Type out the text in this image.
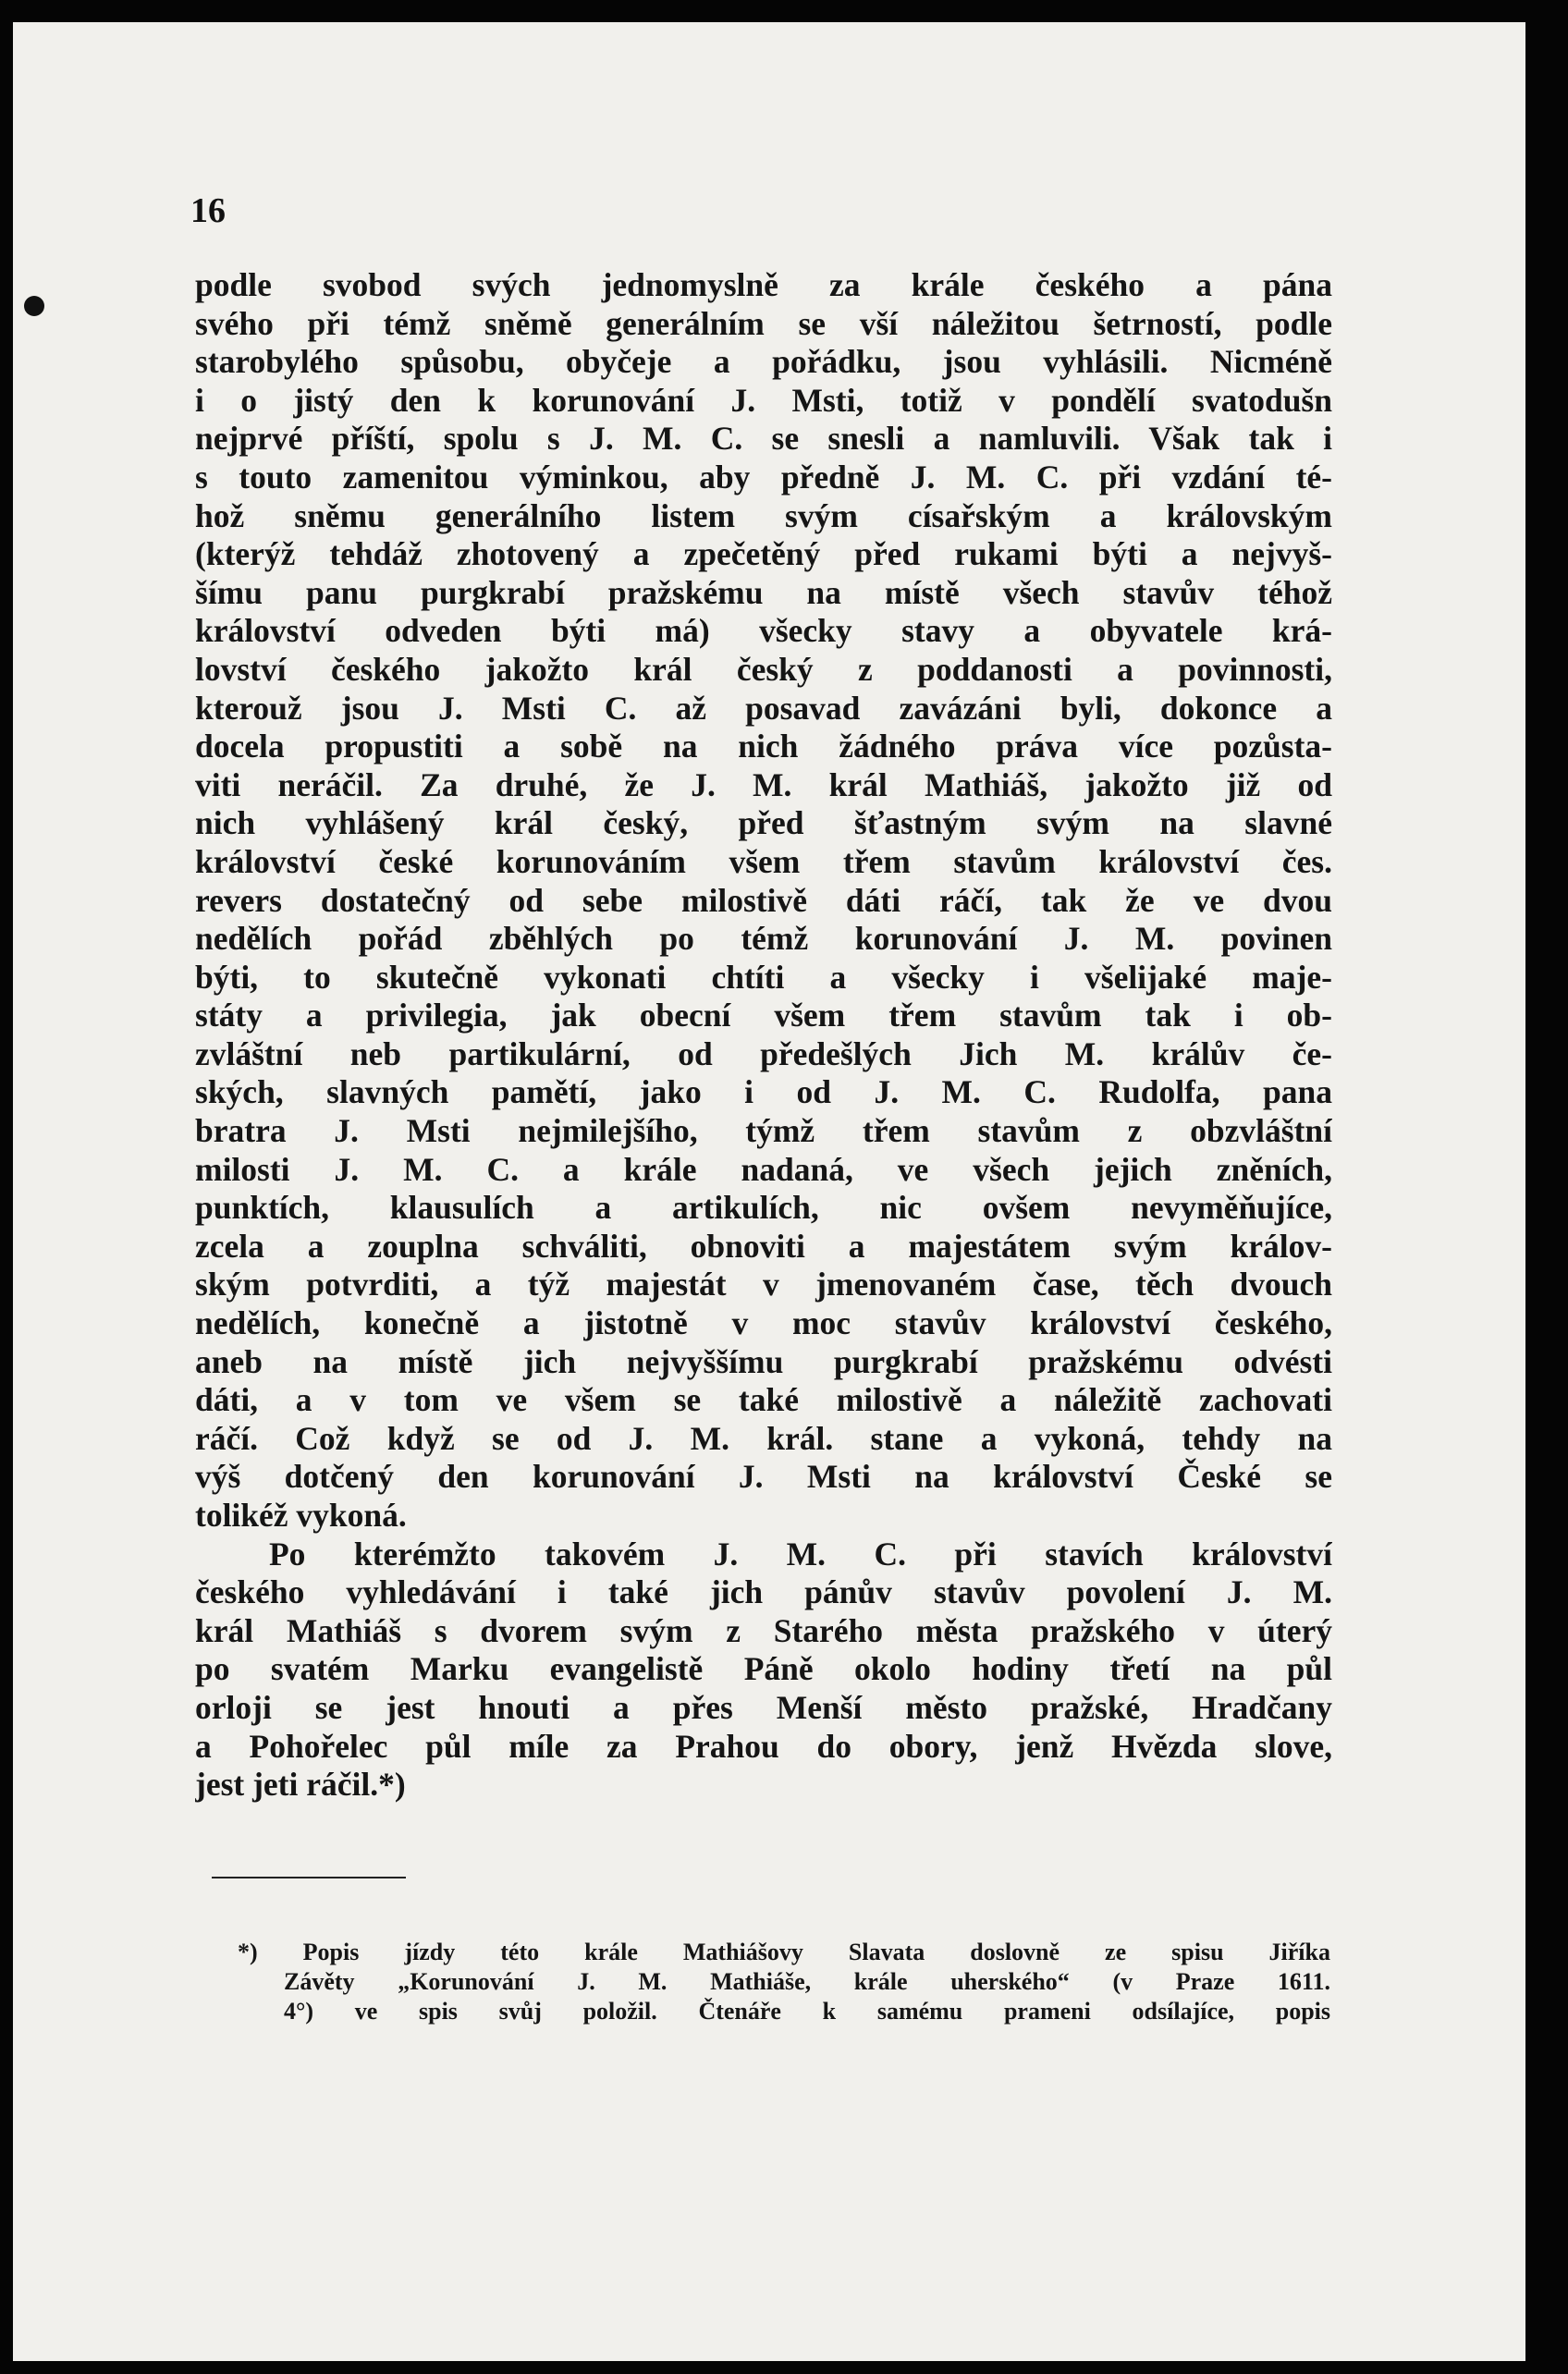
16
podle svobod svých jednomyslně za krále českého a pána
svého při témž sněmě generálním se vší náležitou šetrností, podle
starobylého spůsobu, obyčeje a pořádku, jsou vyhlásili. Nicméně
i o jistý den k korunování J. Msti, totiž v pondělí svatodušn
nejprvé příští, spolu s J. M. C. se snesli a namluvili. Však tak i
s touto zamenitou výminkou, aby předně J. M. C. při vzdání té-
hož sněmu generálního listem svým císařským a královským
(kterýž tehdáž zhotovený a zpečetěný před rukami býti a nejvyš-
šímu panu purgkrabí pražskému na místě všech stavův téhož
království odveden býti má) všecky stavy a obyvatele krá-
lovství českého jakožto král český z poddanosti a povinnosti,
kterouž jsou J. Msti C. až posavad zavázáni byli, dokonce a
docela propustiti a sobě na nich žádného práva více pozůsta-
viti neráčil. Za druhé, že J. M. král Mathiáš, jakožto již od
nich vyhlášený král český, před šťastným svým na slavné
království české korunováním všem třem stavům království čes.
revers dostatečný od sebe milostivě dáti ráčí, tak že ve dvou
nedělích pořád zběhlých po témž korunování J. M. povinen
býti, to skutečně vykonati chtíti a všecky i všelijaké maje-
státy a privilegia, jak obecní všem třem stavům tak i ob-
zvláštní neb partikulární, od předešlých Jich M. králův če-
ských, slavných pamětí, jako i od J. M. C. Rudolfa, pana
bratra J. Msti nejmilejšího, týmž třem stavům z obzvláštní
milosti J. M. C. a krále nadaná, ve všech jejich zněních,
punktích, klausulích a artikulích, nic ovšem nevyměňujíce,
zcela a zouplna schváliti, obnoviti a majestátem svým králov-
ským potvrditi, a týž majestát v jmenovaném čase, těch dvouch
nedělích, konečně a jistotně v moc stavův království českého,
aneb na místě jich nejvyššímu purgkrabí pražskému odvésti
dáti, a v tom ve všem se také milostivě a náležitě zachovati
ráčí. Což když se od J. M. král. stane a vykoná, tehdy na
výš dotčený den korunování J. Msti na království České se
tolikéž vykoná.
Po kterémžto takovém J. M. C. při stavích království
českého vyhledávání i také jich pánův stavův povolení J. M.
král Mathiáš s dvorem svým z Starého města pražského v úterý
po svatém Marku evangelistě Páně okolo hodiny třetí na půl
orloji se jest hnouti a přes Menší město pražské, Hradčany
a Pohořelec půl míle za Prahou do obory, jenž Hvězda slove,
jest jeti ráčil.*)
*) Popis jízdy této krále Mathiášovy Slavata doslovně ze spisu Jiříka
Závěty „Korunování J. M. Mathiáše, krále uherského“ (v Praze 1611.
4°) ve spis svůj položil. Čtenáře k samému prameni odsílajíce, popis
